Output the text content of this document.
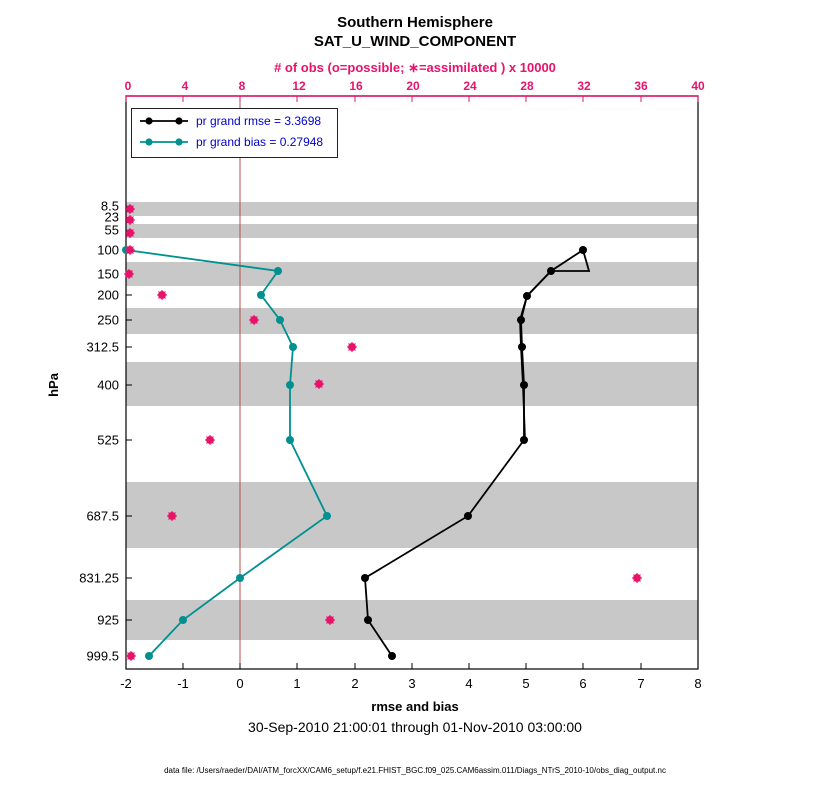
Southern Hemisphere
SAT_U_WIND_COMPONENT
# of obs (o=possible; ∗=assimilated ) x 10000
0	4	8	12	16	20	24	28	32	36	40
hPa
8.5
23
55
100
150
200
250
312.5
400
525
687.5
831.25
925
999.5
pr grand rmse = 3.3698
pr grand bias = 0.27948
-2	-1	0	1	2	3	4	5	6	7	8
rmse and bias
30-Sep-2010 21:00:01 through 01-Nov-2010 03:00:00
data file: /Users/raeder/DAI/ATM_forcXX/CAM6_setup/f.e21.FHIST_BGC.f09_025.CAM6assim.011/Diags_NTrS_2010-10/obs_diag_output.nc
